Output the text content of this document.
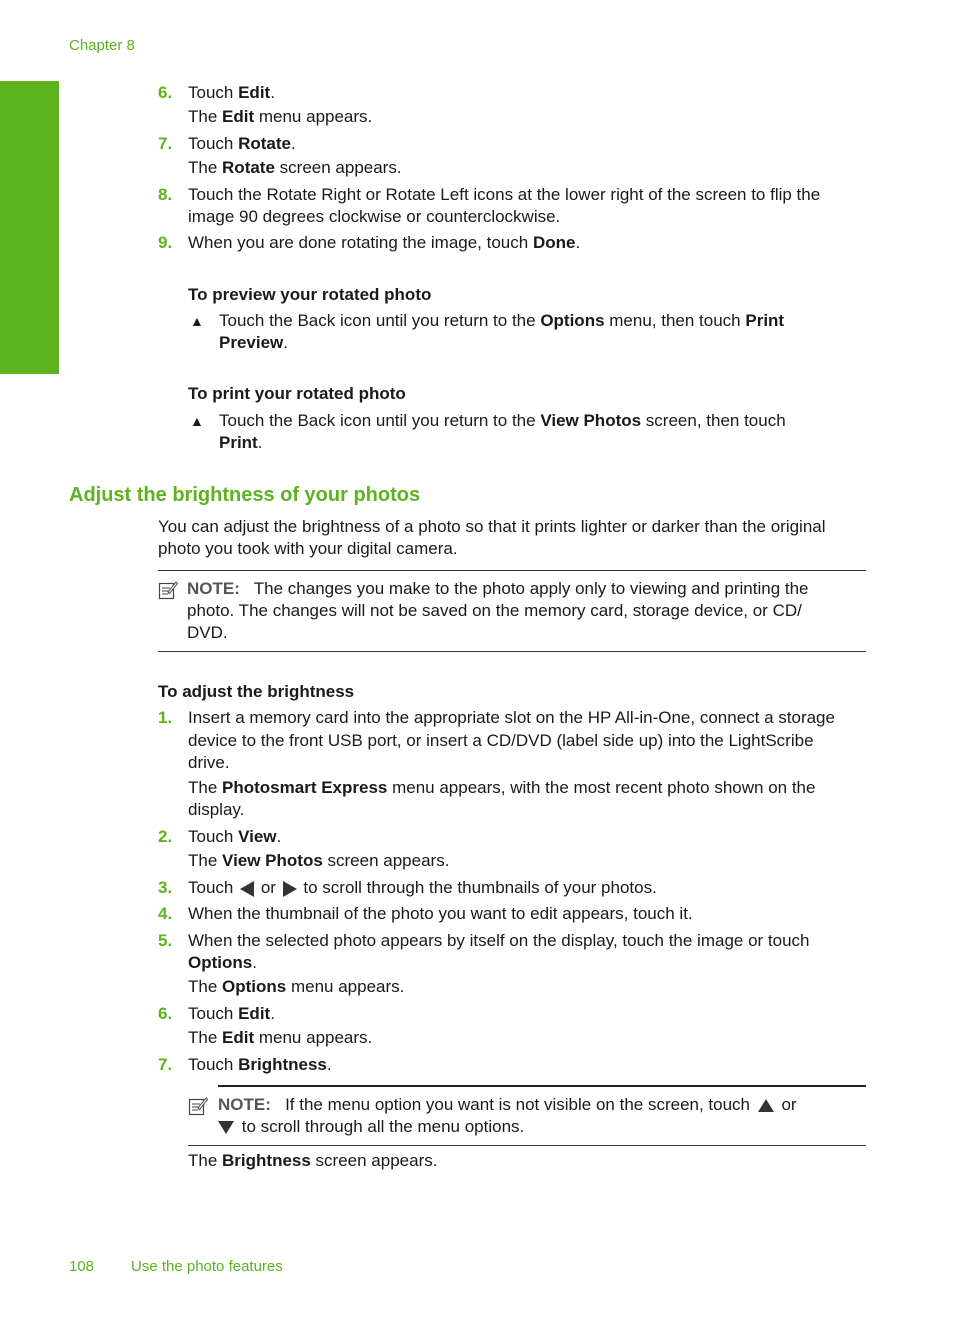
Chapter 8
Photos
6. Touch Edit.
The Edit menu appears.
7. Touch Rotate.
The Rotate screen appears.
8. Touch the Rotate Right or Rotate Left icons at the lower right of the screen to flip the
image 90 degrees clockwise or counterclockwise.
9. When you are done rotating the image, touch Done.
To preview your rotated photo
▲ Touch the Back icon until you return to the Options menu, then touch Print
Preview.
To print your rotated photo
▲ Touch the Back icon until you return to the View Photos screen, then touch
Print.
Adjust the brightness of your photos
You can adjust the brightness of a photo so that it prints lighter or darker than the original
photo you took with your digital camera.
NOTE: The changes you make to the photo apply only to viewing and printing the
photo. The changes will not be saved on the memory card, storage device, or CD/
DVD.
To adjust the brightness
1. Insert a memory card into the appropriate slot on the HP All-in-One, connect a storage
device to the front USB port, or insert a CD/DVD (label side up) into the LightScribe
drive.
The Photosmart Express menu appears, with the most recent photo shown on the
display.
2. Touch View.
The View Photos screen appears.
3. Touch  or  to scroll through the thumbnails of your photos.
4. When the thumbnail of the photo you want to edit appears, touch it.
5. When the selected photo appears by itself on the display, touch the image or touch
Options.
The Options menu appears.
6. Touch Edit.
The Edit menu appears.
7. Touch Brightness.
NOTE: If the menu option you want is not visible on the screen, touch  or
to scroll through all the menu options.
The Brightness screen appears.
108 Use the photo features
